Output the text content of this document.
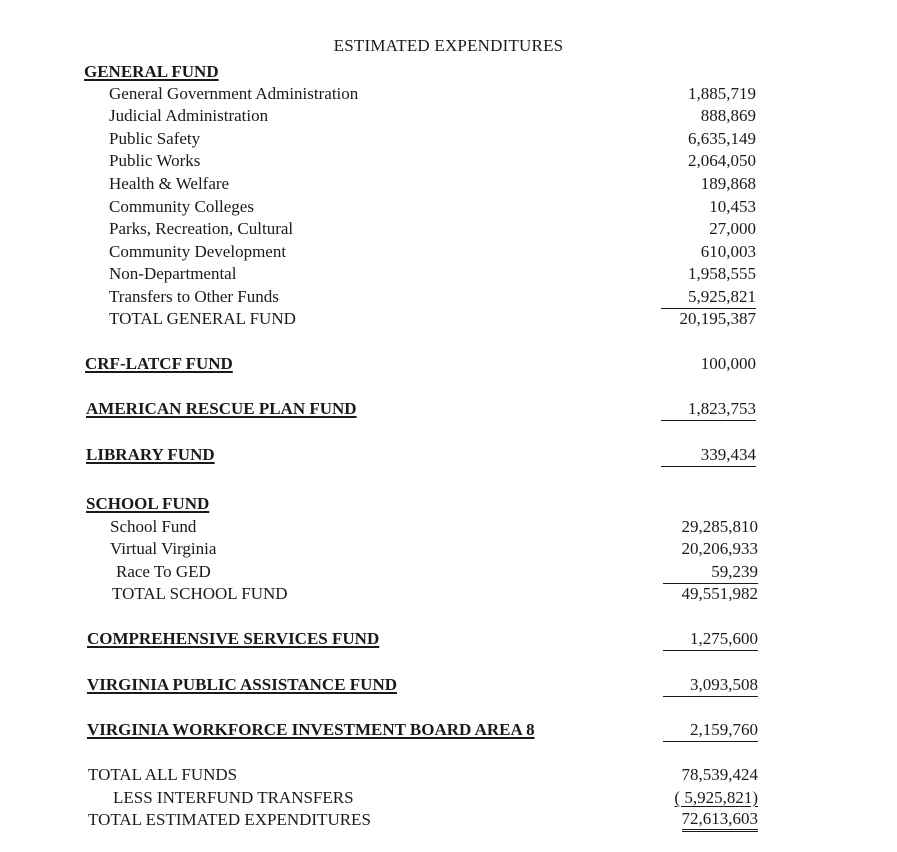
ESTIMATED EXPENDITURES
GENERAL FUND
General Government Administration	1,885,719
Judicial Administration	888,869
Public Safety	6,635,149
Public Works	2,064,050
Health & Welfare	189,868
Community Colleges	10,453
Parks, Recreation, Cultural	27,000
Community Development	610,003
Non-Departmental	1,958,555
Transfers to Other Funds	5,925,821
TOTAL GENERAL FUND	20,195,387
CRF-LATCF FUND	100,000
AMERICAN RESCUE PLAN FUND	1,823,753
LIBRARY FUND	339,434
SCHOOL FUND
School Fund	29,285,810
Virtual Virginia	20,206,933
Race To GED	59,239
TOTAL SCHOOL FUND	49,551,982
COMPREHENSIVE SERVICES FUND	1,275,600
VIRGINIA PUBLIC ASSISTANCE FUND	3,093,508
VIRGINIA WORKFORCE INVESTMENT BOARD AREA 8	2,159,760
TOTAL ALL FUNDS	78,539,424
LESS INTERFUND TRANSFERS	( 5,925,821)
TOTAL ESTIMATED EXPENDITURES	72,613,603
